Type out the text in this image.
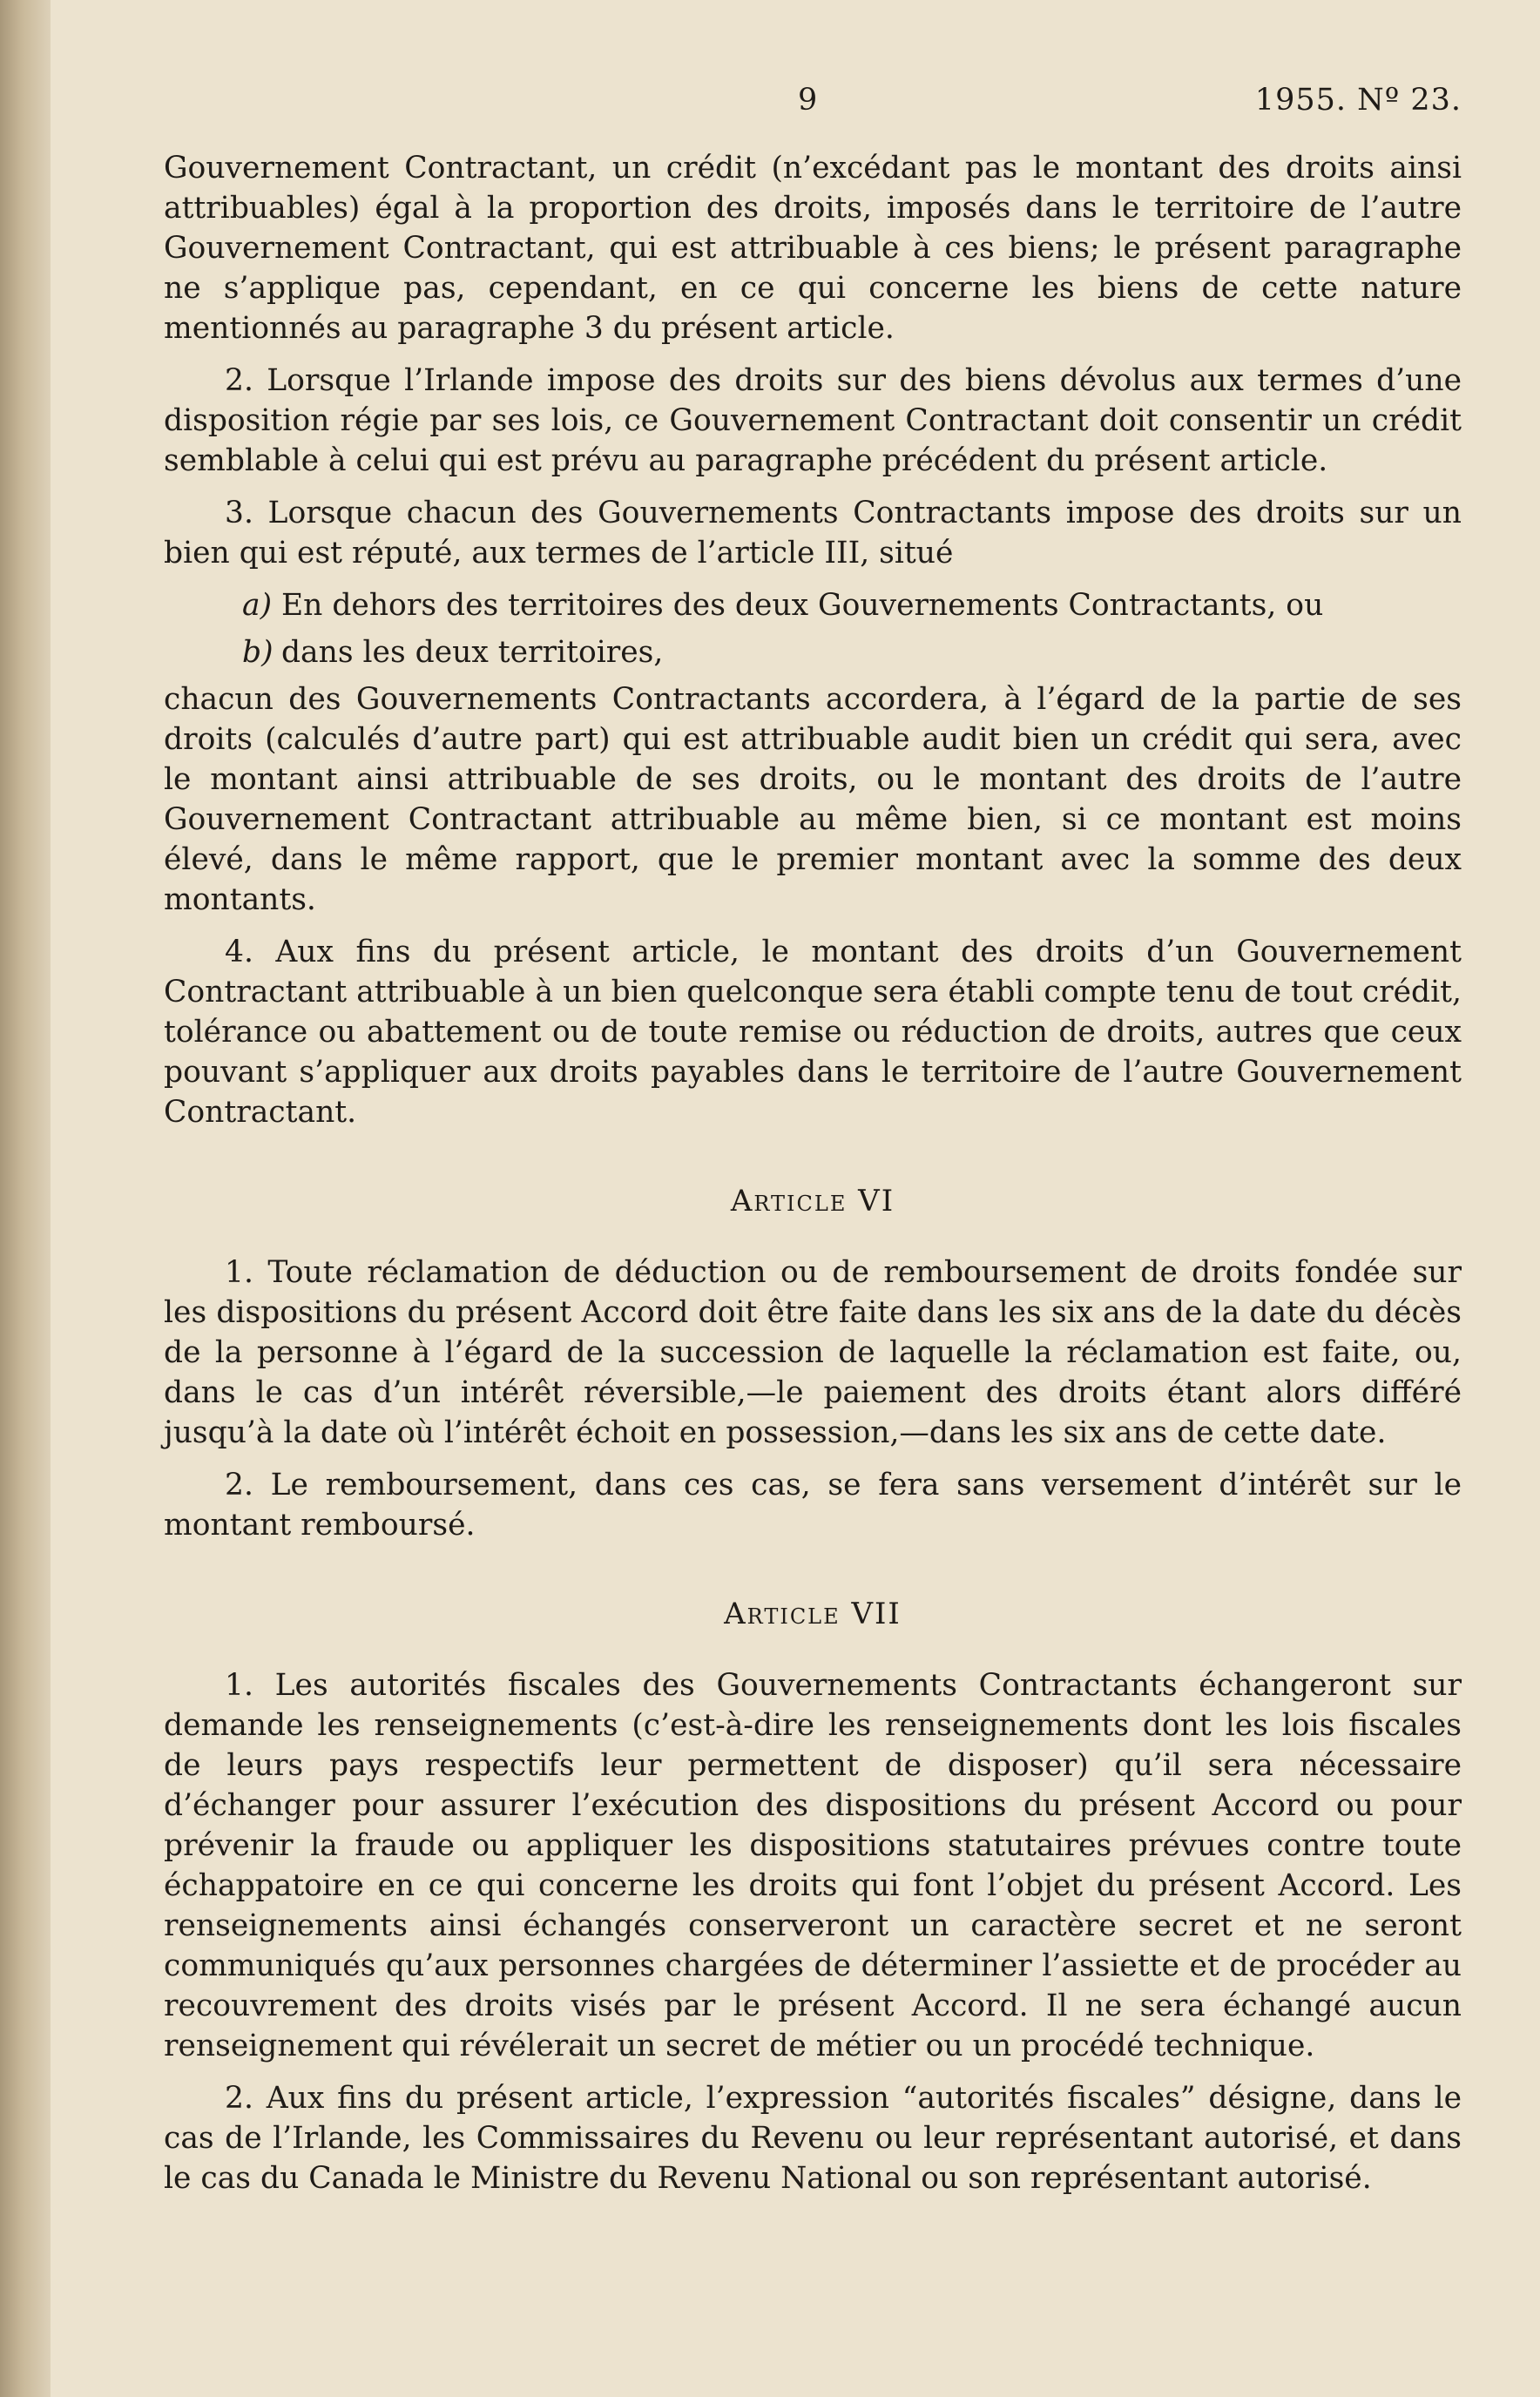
9	1955. Nº 23.

Gouvernement Contractant, un crédit (n’excédant pas le montant des droits ainsi attribuables) égal à la proportion des droits, imposés dans le territoire de l’autre Gouvernement Contractant, qui est attribuable à ces biens; le présent paragraphe ne s’applique pas, cependant, en ce qui concerne les biens de cette nature mentionnés au paragraphe 3 du présent article.

2. Lorsque l’Irlande impose des droits sur des biens dévolus aux termes d’une disposition régie par ses lois, ce Gouvernement Contractant doit consentir un crédit semblable à celui qui est prévu au paragraphe précédent du présent article.

3. Lorsque chacun des Gouvernements Contractants impose des droits sur un bien qui est réputé, aux termes de l’article III, situé

a) En dehors des territoires des deux Gouvernements Contractants, ou
b) dans les deux territoires,

chacun des Gouvernements Contractants accordera, à l’égard de la partie de ses droits (calculés d’autre part) qui est attribuable audit bien un crédit qui sera, avec le montant ainsi attribuable de ses droits, ou le montant des droits de l’autre Gouvernement Contractant attribuable au même bien, si ce montant est moins élevé, dans le même rapport, que le premier montant avec la somme des deux montants.

4. Aux fins du présent article, le montant des droits d’un Gouvernement Contractant attribuable à un bien quelconque sera établi compte tenu de tout crédit, tolérance ou abattement ou de toute remise ou réduction de droits, autres que ceux pouvant s’appliquer aux droits payables dans le territoire de l’autre Gouvernement Contractant.

Article VI

1. Toute réclamation de déduction ou de remboursement de droits fondée sur les dispositions du présent Accord doit être faite dans les six ans de la date du décès de la personne à l’égard de la succession de laquelle la réclamation est faite, ou, dans le cas d’un intérêt réversible,—le paiement des droits étant alors différé jusqu’à la date où l’intérêt échoit en possession,—dans les six ans de cette date.

2. Le remboursement, dans ces cas, se fera sans versement d’intérêt sur le montant remboursé.

Article VII

1. Les autorités fiscales des Gouvernements Contractants échangeront sur demande les renseignements (c’est-à-dire les renseignements dont les lois fiscales de leurs pays respectifs leur permettent de disposer) qu’il sera nécessaire d’échanger pour assurer l’exécution des dispositions du présent Accord ou pour prévenir la fraude ou appliquer les dispositions statutaires prévues contre toute échappatoire en ce qui concerne les droits qui font l’objet du présent Accord. Les renseignements ainsi échangés conserveront un caractère secret et ne seront communiqués qu’aux personnes chargées de déterminer l’assiette et de procéder au recouvrement des droits visés par le présent Accord. Il ne sera échangé aucun renseignement qui révélerait un secret de métier ou un procédé technique.

2. Aux fins du présent article, l’expression “autorités fiscales” désigne, dans le cas de l’Irlande, les Commissaires du Revenu ou leur représentant autorisé, et dans le cas du Canada le Ministre du Revenu National ou son représentant autorisé.
